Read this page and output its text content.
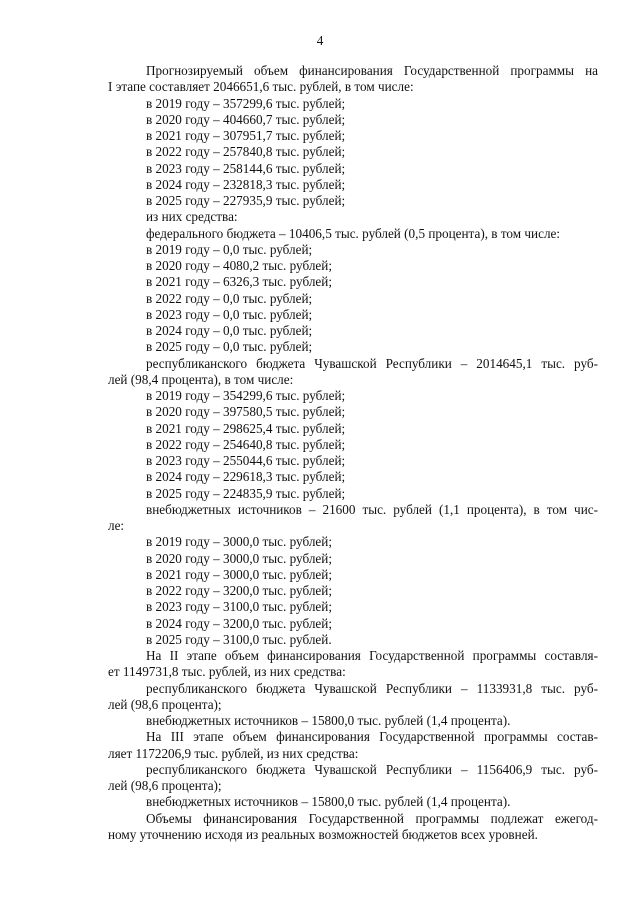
4
Прогнозируемый объем финансирования Государственной программы на
I этапе составляет 2046651,6 тыс. рублей, в том числе:
в 2019 году – 357299,6 тыс. рублей;
в 2020 году – 404660,7 тыс. рублей;
в 2021 году – 307951,7 тыс. рублей;
в 2022 году – 257840,8 тыс. рублей;
в 2023 году – 258144,6 тыс. рублей;
в 2024 году – 232818,3 тыс. рублей;
в 2025 году – 227935,9 тыс. рублей;
из них средства:
федерального бюджета – 10406,5 тыс. рублей (0,5 процента), в том числе:
в 2019 году – 0,0 тыс. рублей;
в 2020 году – 4080,2 тыс. рублей;
в 2021 году – 6326,3 тыс. рублей;
в 2022 году – 0,0 тыс. рублей;
в 2023 году – 0,0 тыс. рублей;
в 2024 году – 0,0 тыс. рублей;
в 2025 году – 0,0 тыс. рублей;
республиканского бюджета Чувашской Республики – 2014645,1 тыс. руб-
лей (98,4 процента), в том числе:
в 2019 году – 354299,6 тыс. рублей;
в 2020 году – 397580,5 тыс. рублей;
в 2021 году – 298625,4 тыс. рублей;
в 2022 году – 254640,8 тыс. рублей;
в 2023 году – 255044,6 тыс. рублей;
в 2024 году – 229618,3 тыс. рублей;
в 2025 году – 224835,9 тыс. рублей;
внебюджетных источников – 21600 тыс. рублей (1,1 процента), в том чис-
ле:
в 2019 году – 3000,0 тыс. рублей;
в 2020 году – 3000,0 тыс. рублей;
в 2021 году – 3000,0 тыс. рублей;
в 2022 году – 3200,0 тыс. рублей;
в 2023 году – 3100,0 тыс. рублей;
в 2024 году – 3200,0 тыс. рублей;
в 2025 году – 3100,0 тыс. рублей.
На II этапе объем финансирования Государственной программы составля-
ет 1149731,8 тыс. рублей, из них средства:
республиканского бюджета Чувашской Республики – 1133931,8 тыс. руб-
лей (98,6 процента);
внебюджетных источников – 15800,0 тыс. рублей (1,4 процента).
На III этапе объем финансирования Государственной программы состав-
ляет 1172206,9 тыс. рублей, из них средства:
республиканского бюджета Чувашской Республики – 1156406,9 тыс. руб-
лей (98,6 процента);
внебюджетных источников – 15800,0 тыс. рублей (1,4 процента).
Объемы финансирования Государственной программы подлежат ежегод-
ному уточнению исходя из реальных возможностей бюджетов всех уровней.
